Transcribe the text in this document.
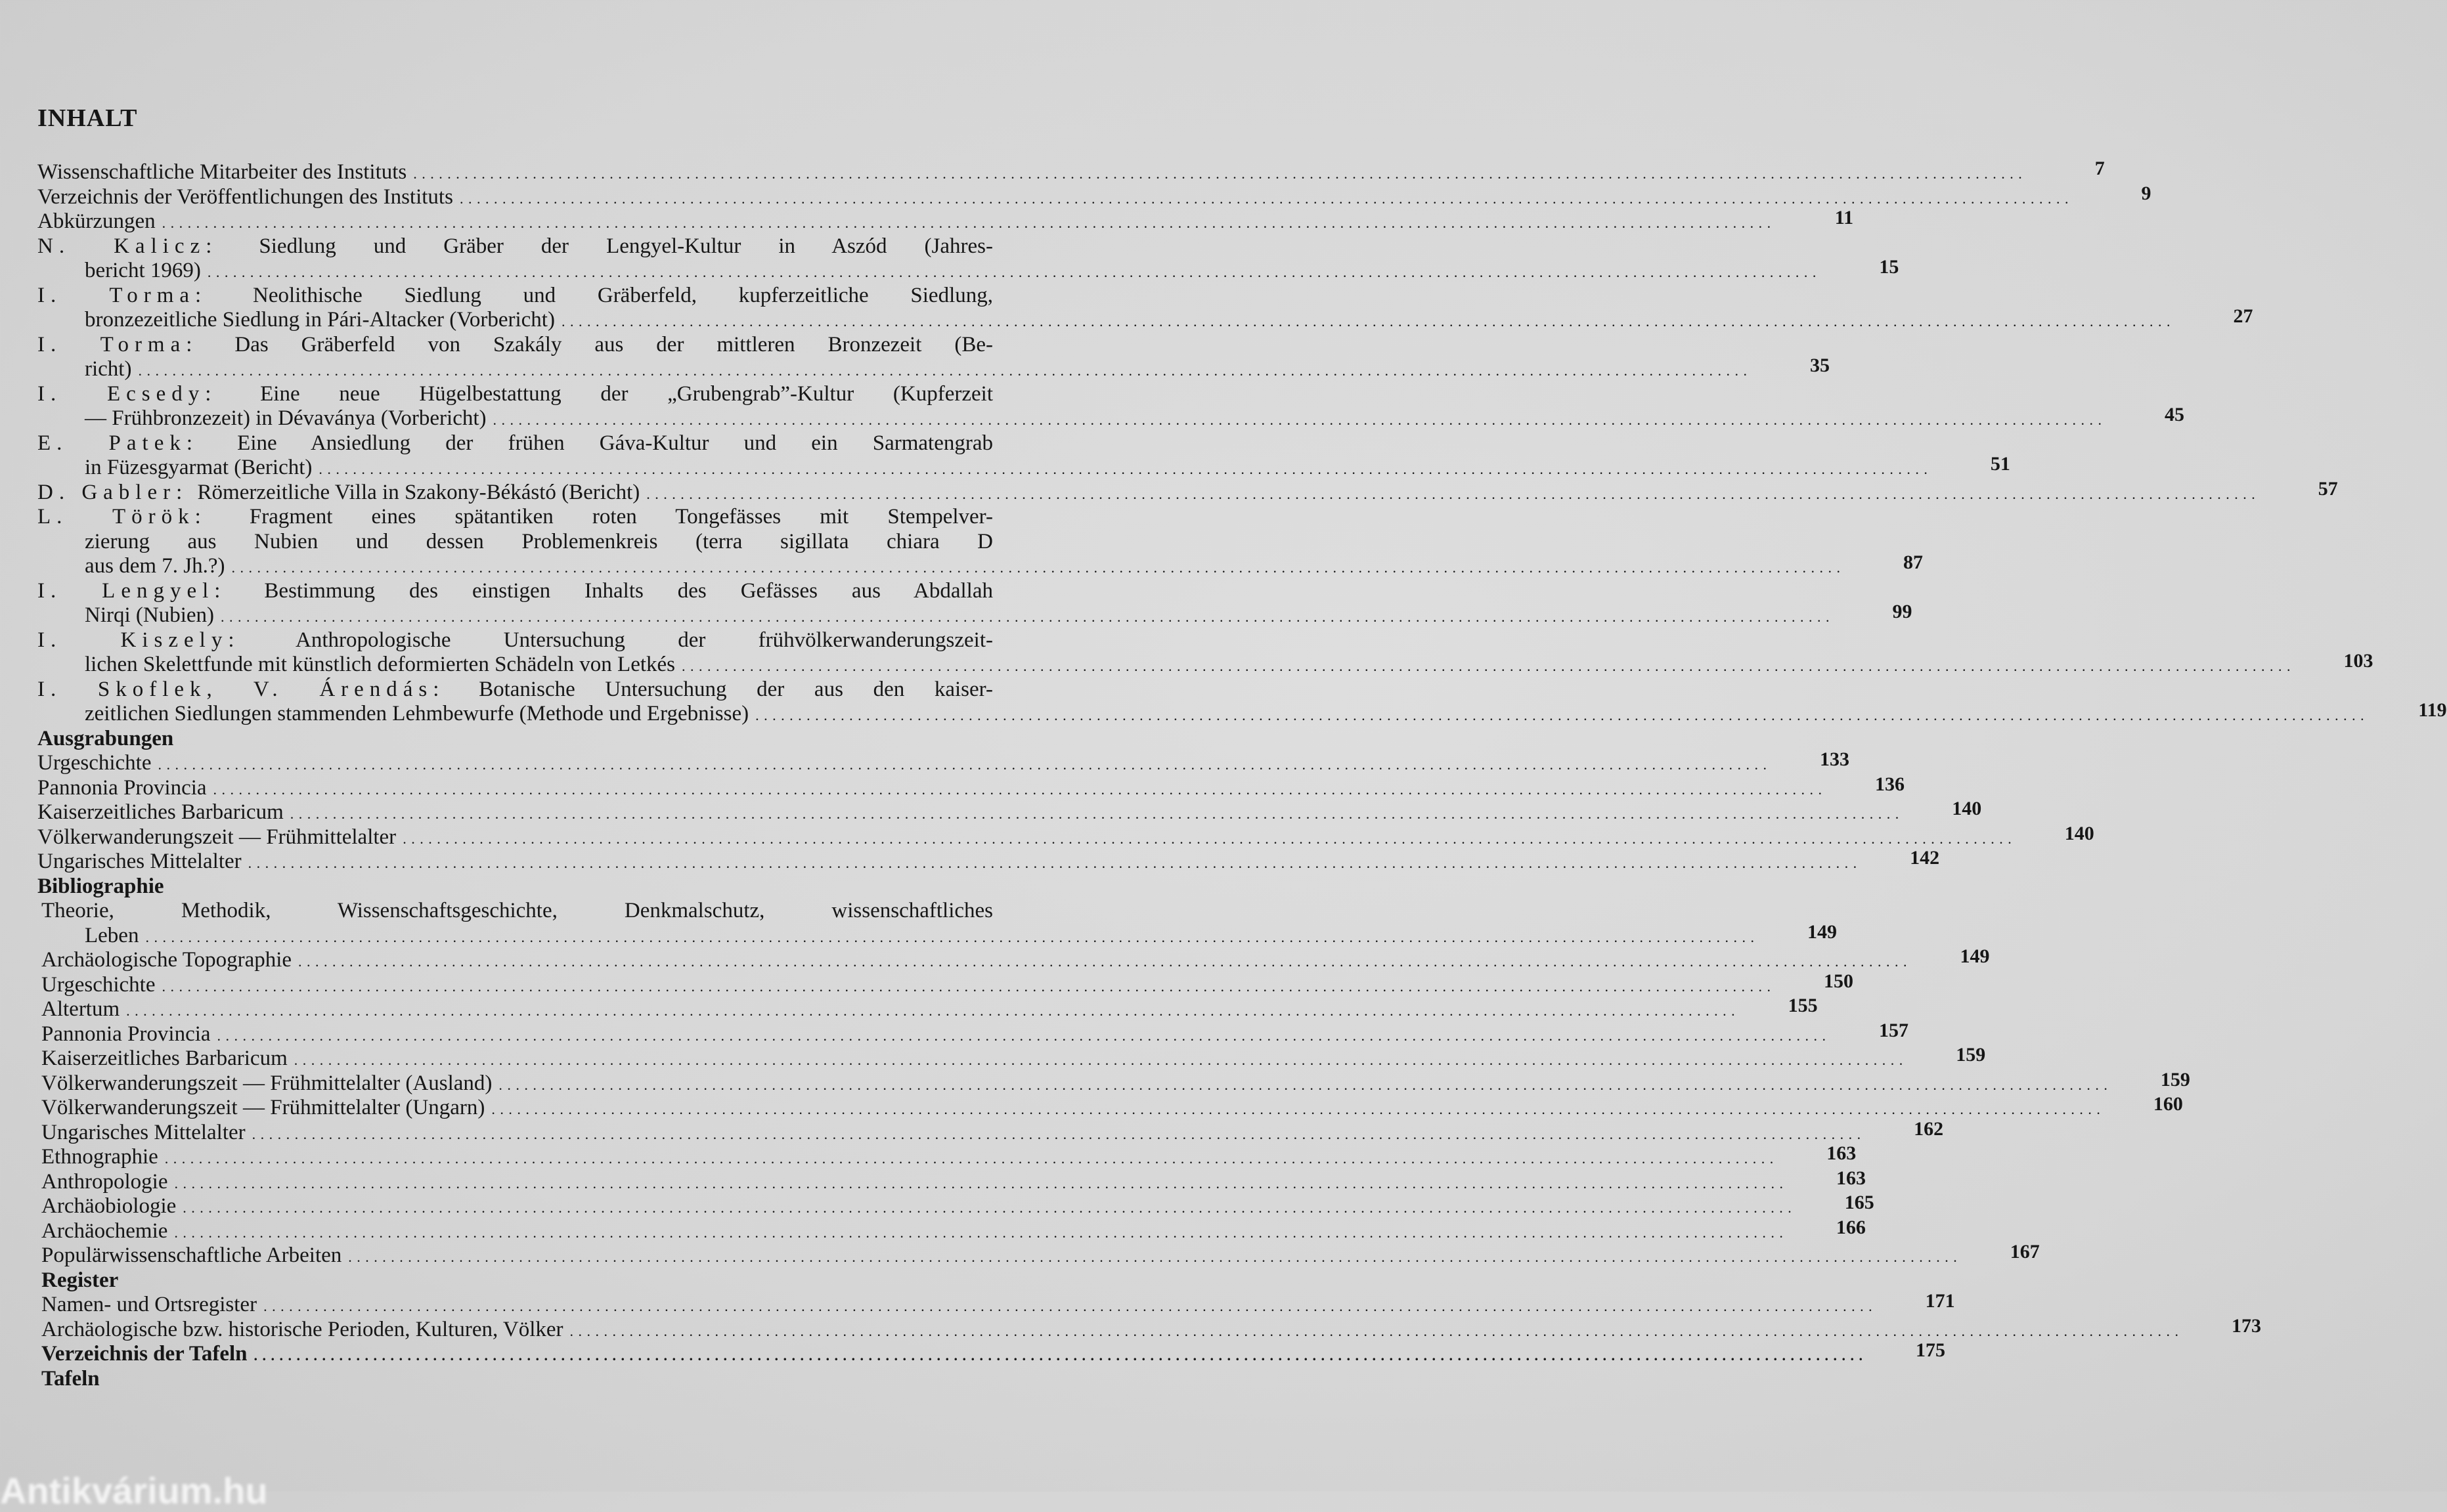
INHALT
Wissenschaftliche Mitarbeiter des Instituts . . .	7
Verzeichnis der Veröffentlichungen des Instituts . . .	9
Abkürzungen . . .	11
N. Kalicz: Siedlung und Gräber der Lengyel-Kultur in Aszód (Jahres-
bericht 1969) . . .	15
I. Torma: Neolithische Siedlung und Gräberfeld, kupferzeitliche Siedlung,
bronzezeitliche Siedlung in Pári-Altacker (Vorbericht) . . .	27
I. Torma: Das Gräberfeld von Szakály aus der mittleren Bronzezeit (Be-
richt) . . .	35
I. Ecsedy: Eine neue Hügelbestattung der „Grubengrab”-Kultur (Kupferzeit
— Frühbronzezeit) in Dévaványa (Vorbericht) . . .	45
E. Patek: Eine Ansiedlung der frühen Gáva-Kultur und ein Sarmatengrab
in Füzesgyarmat (Bericht) . . .	51
D. Gabler: Römerzeitliche Villa in Szakony-Békástó (Bericht) . . .	57
L. Török: Fragment eines spätantiken roten Tongefässes mit Stempelver-
zierung aus Nubien und dessen Problemenkreis (terra sigillata chiara D
aus dem 7. Jh.?) . . .	87
I. Lengyel: Bestimmung des einstigen Inhalts des Gefässes aus Abdallah
Nirqi (Nubien) . . .	99
I. Kiszely: Anthropologische Untersuchung der frühvölkerwanderungszeit-
lichen Skelettfunde mit künstlich deformierten Schädeln von Letkés . . .	103
I. Skoflek, V. Árendás: Botanische Untersuchung der aus den kaiser-
zeitlichen Siedlungen stammenden Lehmbewurfe (Methode und Ergebnisse) . . .	119
Ausgrabungen
Urgeschichte . . .	133
Pannonia Provincia . . .	136
Kaiserzeitliches Barbaricum . . .	140
Völkerwanderungszeit — Frühmittelalter . . .	140
Ungarisches Mittelalter . . .	142
Bibliographie
Theorie, Methodik, Wissenschaftsgeschichte, Denkmalschutz, wissenschaftliches
Leben . . .	149
Archäologische Topographie . . .	149
Urgeschichte . . .	150
Altertum . . .	155
Pannonia Provincia . . .	157
Kaiserzeitliches Barbaricum . . .	159
Völkerwanderungszeit — Frühmittelalter (Ausland) . . .	159
Völkerwanderungszeit — Frühmittelalter (Ungarn) . . .	160
Ungarisches Mittelalter . . .	162
Ethnographie . . .	163
Anthropologie . . .	163
Archäobiologie . . .	165
Archäochemie . . .	166
Populärwissenschaftliche Arbeiten . . .	167
Register
Namen- und Ortsregister . . .	171
Archäologische bzw. historische Perioden, Kulturen, Völker . . .	173
Verzeichnis der Tafeln . . .	175
Tafeln
Antikvárium.hu
